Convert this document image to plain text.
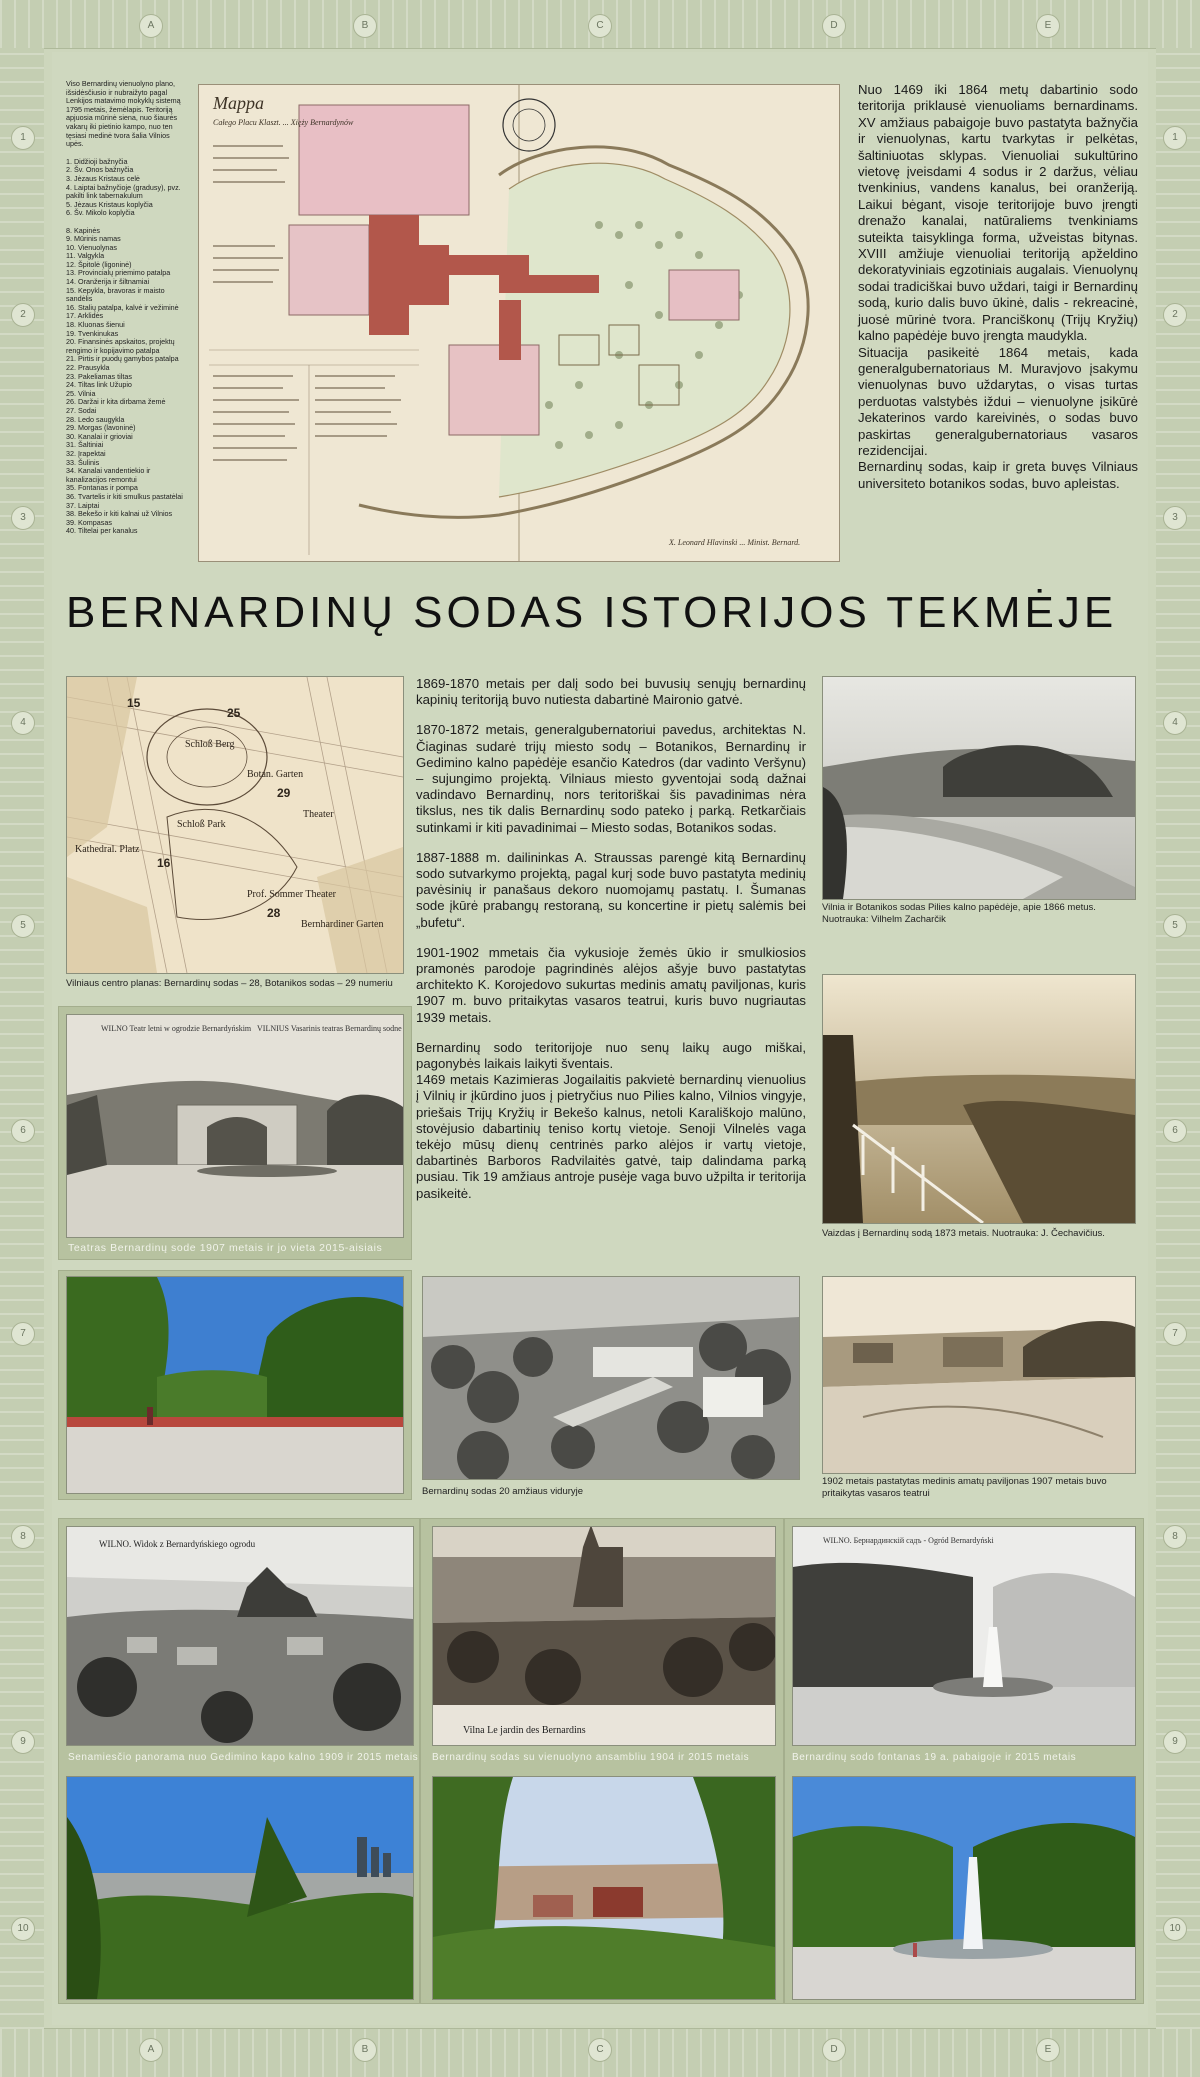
A	B	C	D	E
A	B	C	D	E
1
2
3
4
5
6
7
8
9
10
1
2
3
4
5
6
7
8
9
10

Viso Bernardinų vienuolyno plano, išsidėsčiusio ir nubraižyto pagal Lenkijos matavimo mokyklų sistemą 1795 metais, žemėlapis. Teritoriją apjuosia mūrinė siena, nuo šiaurės vakarų iki pietinio kampo, nuo ten tęsiasi medinė tvora šalia Vilnios upės.

1. Didžioji bažnyčia
2. Šv. Onos bažnyčia
3. Jėzaus Kristaus celė
4. Laiptai bažnyčioje (gradusy), pvz. pakilti link tabernakulum
5. Jėzaus Kristaus koplyčia
6. Šv. Mikolo koplyčia

8. Kapinės
9. Mūrinis namas
10. Vienuolynas
11. Valgykla
12. Špitolė (ligoninė)
13. Provincialų priemimo patalpa
14. Oranžerija ir šiltnamiai
15. Kepykla, bravoras ir maisto sandėlis
16. Stalių patalpa, kalvė ir vežiminė
17. Arklidės
18. Kluonas šienui
19. Tvenkinukas
20. Finansinės apskaitos, projektų rengimo ir kopijavimo patalpa
21. Pirtis ir puodų gamybos patalpa
22. Prausykla
23. Pakeliamas tiltas
24. Tiltas link Užupio
25. Vilnia
26. Daržai ir kita dirbama žemė
27. Sodai
28. Ledo saugykla
29. Morgas (lavoninė)
30. Kanalai ir grioviai
31. Šaltiniai
32. Įrapektai
33. Šulinis
34. Kanalai vandentiekio ir kanalizacijos remontui
35. Fontanas ir pompa
36. Tvartelis ir kiti smulkus pastatėlai
37. Laiptai
38. Bekešo ir kiti kalnai už Vilnios
39. Kompasas
40. Tiltelai per kanalus
Mappa
Całego Placu Klaszt. ... Xięży Bernardynów
X. Leonard Hlavinski ... Minist. Bernard.

Nuo 1469 iki 1864 metų dabartinio sodo teritorija priklausė vienuoliams bernardinams. XV amžiaus pabaigoje buvo pastatyta bažnyčia ir vienuolynas, kartu tvarkytas ir pelkėtas, šaltiniuotas sklypas. Vienuoliai sukultūrino vietovę įveisdami 4 sodus ir 2 daržus, vėliau tvenkinius, vandens kanalus, bei oranžeriją. Laikui bėgant, visoje teritorijoje buvo įrengti drenažo kanalai, natūraliems tvenkiniams suteikta taisyklinga forma, užveistas bitynas. XVIII amžiuje vienuoliai teritoriją apželdino dekoratyviniais egzotiniais augalais. Vienuolynų sodai tradiciškai buvo uždari, taigi ir Bernardinų sodą, kurio dalis buvo ūkinė, dalis - rekreacinė, juosė mūrinė tvora. Pranciškonų (Trijų Kryžių) kalno papėdėje buvo įrengta maudykla.

Situacija pasikeitė 1864 metais, kada generalgubernatoriaus M. Muravjovo įsakymu vienuolynas buvo uždarytas, o visas turtas perduotas valstybės iždui – vienuolyne įsikūrė Jekaterinos vardo kareivinės, o sodas buvo paskirtas generalgubernatoriaus vasaros rezidencijai.

Bernardinų sodas, kaip ir greta buvęs Vilniaus universiteto botanikos sodas, buvo apleistas.

BERNARDINŲ SODAS ISTORIJOS TEKMĖJE
Schloß Berg
Schloß Park
Botan. Garten
Theater
Kathedral. Platz
Bernhardiner Garten
Prof. Sommer Theater
15
25
29
28
16
Vilniaus centro planas: Bernardinų sodas – 28, Botanikos sodas – 29 numeriu

1869-1870 metais per dalį sodo bei buvusių senųjų bernardinų kapinių teritoriją buvo nutiesta dabartinė Maironio gatvė.

1870-1872 metais, generalgubernatoriui pavedus, architektas N. Čiaginas sudarė trijų miesto sodų – Botanikos, Bernardinų ir Gedimino kalno papėdėje esančio Katedros (dar vadinto Veršynu) – sujungimo projektą. Vilniaus miesto gyventojai sodą dažnai vadindavo Bernardinų, nors teritoriškai šis pavadinimas nėra tikslus, nes tik dalis Bernardinų sodo pateko į parką. Retkarčiais sutinkami ir kiti pavadinimai – Miesto sodas, Botanikos sodas.

1887-1888 m. dailininkas A. Straussas parengė kitą Bernardinų sodo sutvarkymo projektą, pagal kurį sode buvo pastatyta medinių pavėsinių ir panašaus dekoro nuomojamų pastatų. I. Šumanas sode įkūrė prabangų restoraną, su koncertine ir pietų salėmis bei „bufetu“.

1901-1902 mmetais čia vykusioje žemės ūkio ir smulkiosios pramonės parodoje pagrindinės alėjos ašyje buvo pastatytas architekto K. Korojedovo sukurtas medinis amatų paviljonas, kuris 1907 m. buvo pritaikytas vasaros teatrui, kuris buvo nugriautas 1939 metais.

Bernardinų sodo teritorijoje nuo senų laikų augo miškai, pagonybės laikais laikyti šventais.

1469 metais Kazimieras Jogailaitis pakvietė bernardinų vienuolius į Vilnių ir įkūrdino juos į pietryčius nuo Pilies kalno, Vilnios vingyje, priešais Trijų Kryžių ir Bekešo kalnus, netoli Karališkojo malūno, stovėjusio dabartinių teniso kortų vietoje. Senoji Vilnelės vaga tekėjo mūsų dienų centrinės parko alėjos ir vartų vietoje, dabartinės Barboros Radvilaitės gatvė, taip dalindama parką pusiau. Tik 19 amžiaus antroje pusėje vaga buvo užpilta ir teritorija pasikeitė.

Vilnia ir Botanikos sodas Pilies kalno papėdėje, apie 1866 metus. Nuotrauka: Vilhelm Zacharčik
WILNO Teatr letni w ogrodzie Bernardyńskim VILNIUS Vasarinis teatras Bernardinų sodne
Teatras Bernardinų sode 1907 metais ir jo vieta 2015-aisiais
Vaizdas į Bernardinų sodą 1873 metais. Nuotrauka: J. Čechavičius.
Bernardinų sodas 20 amžiaus viduryje
1902 metais pastatytas medinis amatų paviljonas 1907 metais buvo pritaikytas vasaros teatrui
WILNO. Widok z Bernardyńskiego ogrodu
Vilna Le jardin des Bernardins
WILNO. Бернардинскій садъ - Ogród Bernardyński
Senamiesčio panorama nuo Gedimino kapo kalno 1909 ir 2015 metais Bernardinų sodas su vienuolyno ansambliu 1904 ir 2015 metais	Bernardinų sodo fontanas 19 a. pabaigoje ir 2015 metais
